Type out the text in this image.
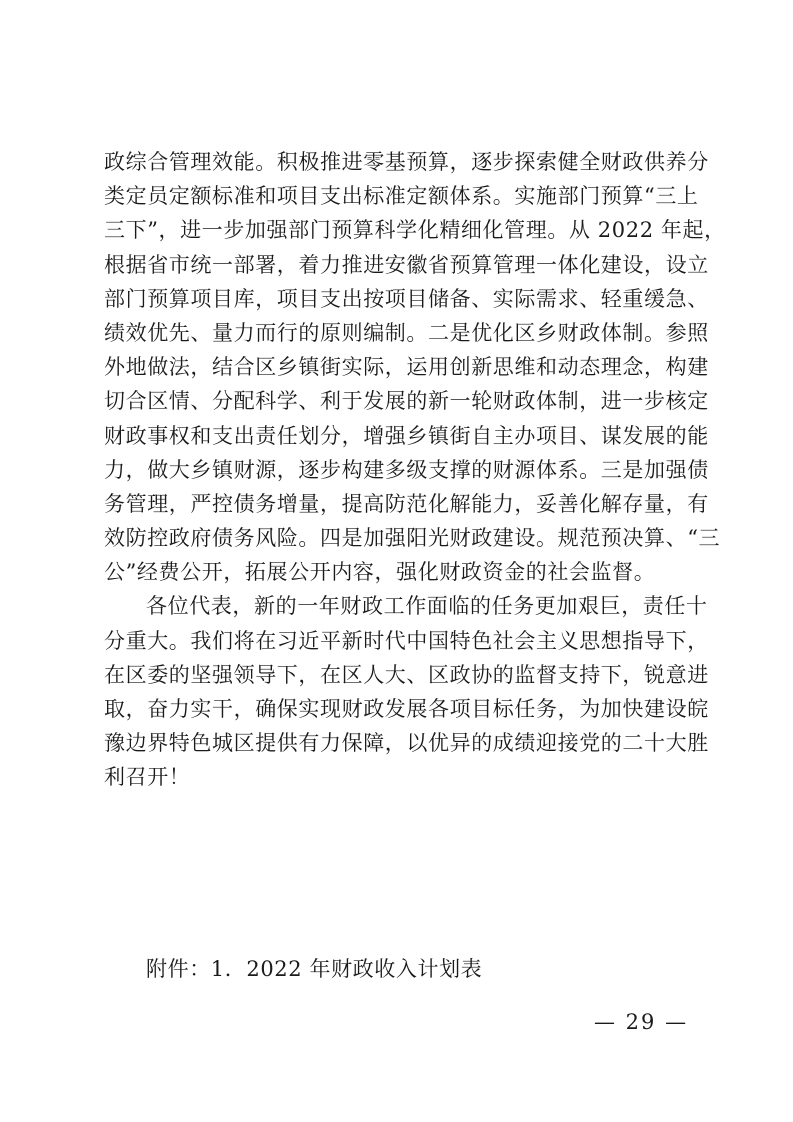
政综合管理效能。积极推进零基预算，逐步探索健全财政供养分
类定员定额标准和项目支出标准定额体系。实施部门预算“三上
三下”，进一步加强部门预算科学化精细化管理。从 2022 年起，
根据省市统一部署，着力推进安徽省预算管理一体化建设，设立
部门预算项目库，项目支出按项目储备、实际需求、轻重缓急、
绩效优先、量力而行的原则编制。二是优化区乡财政体制。参照
外地做法，结合区乡镇街实际，运用创新思维和动态理念，构建
切合区情、分配科学、利于发展的新一轮财政体制，进一步核定
财政事权和支出责任划分，增强乡镇街自主办项目、谋发展的能
力，做大乡镇财源，逐步构建多级支撑的财源体系。三是加强债
务管理，严控债务增量，提高防范化解能力，妥善化解存量，有
效防控政府债务风险。四是加强阳光财政建设。规范预决算、“三
公”经费公开，拓展公开内容，强化财政资金的社会监督。
各位代表，新的一年财政工作面临的任务更加艰巨，责任十
分重大。我们将在习近平新时代中国特色社会主义思想指导下，
在区委的坚强领导下，在区人大、区政协的监督支持下，锐意进
取，奋力实干，确保实现财政发展各项目标任务，为加快建设皖
豫边界特色城区提供有力保障，以优异的成绩迎接党的二十大胜
利召开！
附件：1．2022 年财政收入计划表
— 29 —
